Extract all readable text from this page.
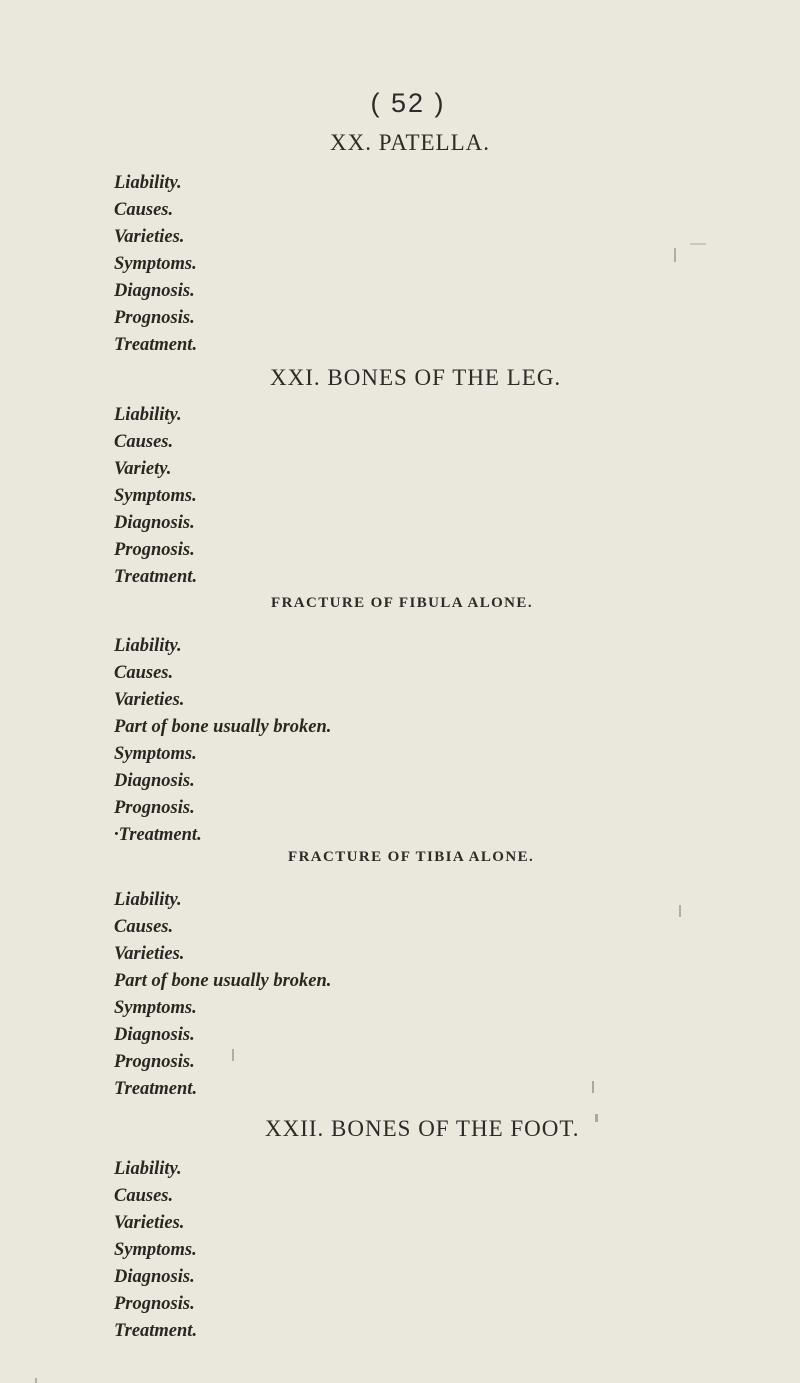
( 52 )
XX. PATELLA.
Liability.
Causes.
Varieties.
Symptoms.
Diagnosis.
Prognosis.
Treatment.
XXI. BONES OF THE LEG.
Liability.
Causes.
Variety.
Symptoms.
Diagnosis.
Prognosis.
Treatment.
FRACTURE OF FIBULA ALONE.
Liability.
Causes.
Varieties.
Part of bone usually broken.
Symptoms.
Diagnosis.
Prognosis.
·Treatment.
FRACTURE OF TIBIA ALONE.
Liability.
Causes.
Varieties.
Part of bone usually broken.
Symptoms.
Diagnosis.
Prognosis.
Treatment.
XXII. BONES OF THE FOOT.
Liability.
Causes.
Varieties.
Symptoms.
Diagnosis.
Prognosis.
Treatment.
